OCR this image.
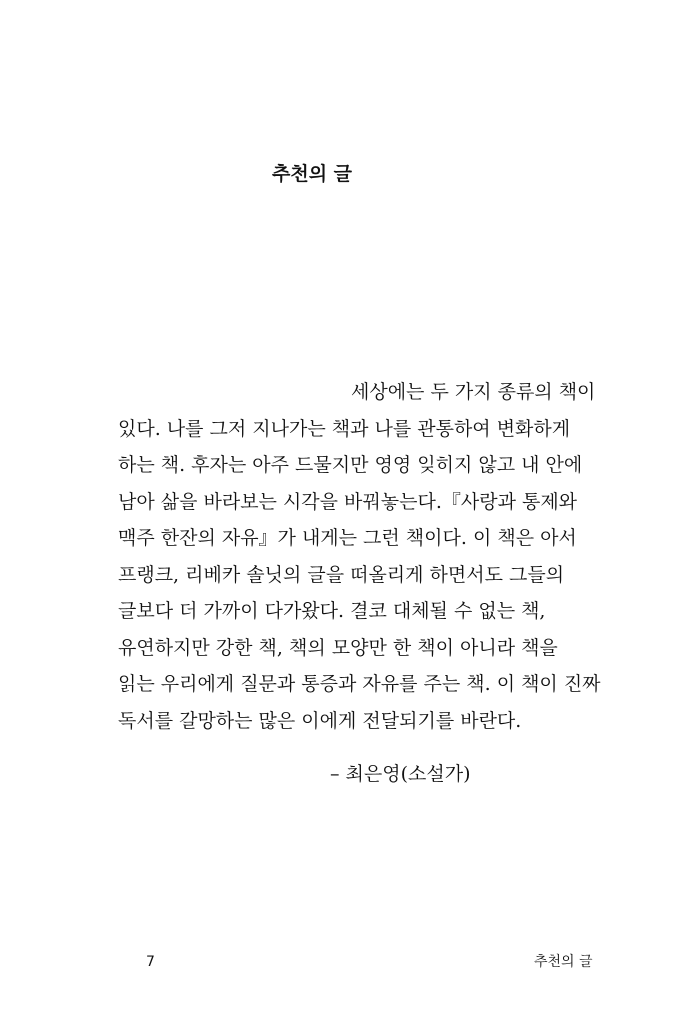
추천의 글

세상에는 두 가지 종류의 책이
있다. 나를 그저 지나가는 책과 나를 관통하여 변화하게
하는 책. 후자는 아주 드물지만 영영 잊히지 않고 내 안에
남아 삶을 바라보는 시각을 바꿔놓는다.『사랑과 통제와
맥주 한잔의 자유』가 내게는 그런 책이다. 이 책은 아서
프랭크, 리베카 솔닛의 글을 떠올리게 하면서도 그들의
글보다 더 가까이 다가왔다. 결코 대체될 수 없는 책,
유연하지만 강한 책, 책의 모양만 한 책이 아니라 책을
읽는 우리에게 질문과 통증과 자유를 주는 책. 이 책이 진짜
독서를 갈망하는 많은 이에게 전달되기를 바란다.

– 최은영(소설가)

7	추천의 글
